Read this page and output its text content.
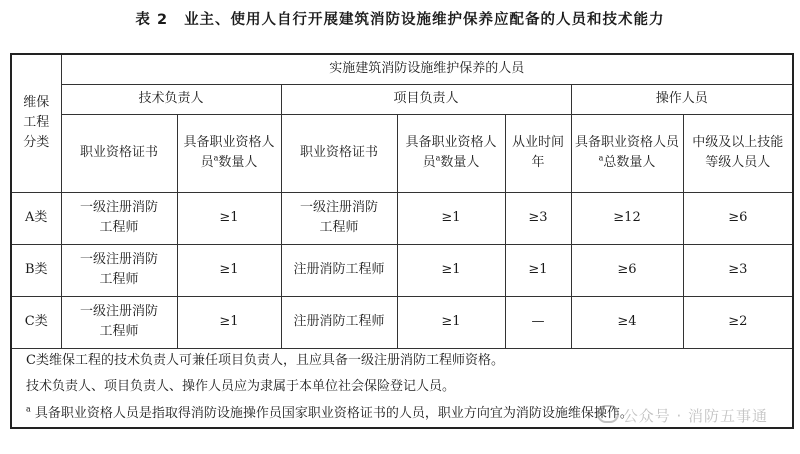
表 2 业主、使用人自行开展建筑消防设施维护保养应配备的人员和技术能力
维保工程分类	实施建筑消防设施维护保养的人员						
	技术负责人		项目负责人			操作人员	
	职业资格证书	具备职业资格人员$^a$数量人	职业资格证书	具备职业资格人员$^a$数量人	从业时间年	具备职业资格人员$^a$总数量人	中级及以上技能等级人员人
A类	一级注册消防工程师	≥1	一级注册消防工程师	≥1	≥3	≥12	≥6
B类	一级注册消防工程师	≥1	注册消防工程师	≥1	≥1	≥6	≥3
C类	一级注册消防工程师	≥1	注册消防工程师	≥1	—	≥4	≥2
C类维保工程的技术负责人可兼任项目负责人，且应具备一级注册消防工程师资格。							
技术负责人、项目负责人、操作人员应为隶属于本单位社会保险登记人员。							
$^a$ 具备职业资格人员是指取得消防设施操作员国家职业资格证书的人员，职业方向宜为消防设施维保操作。							
公众号 · 消防五事通
